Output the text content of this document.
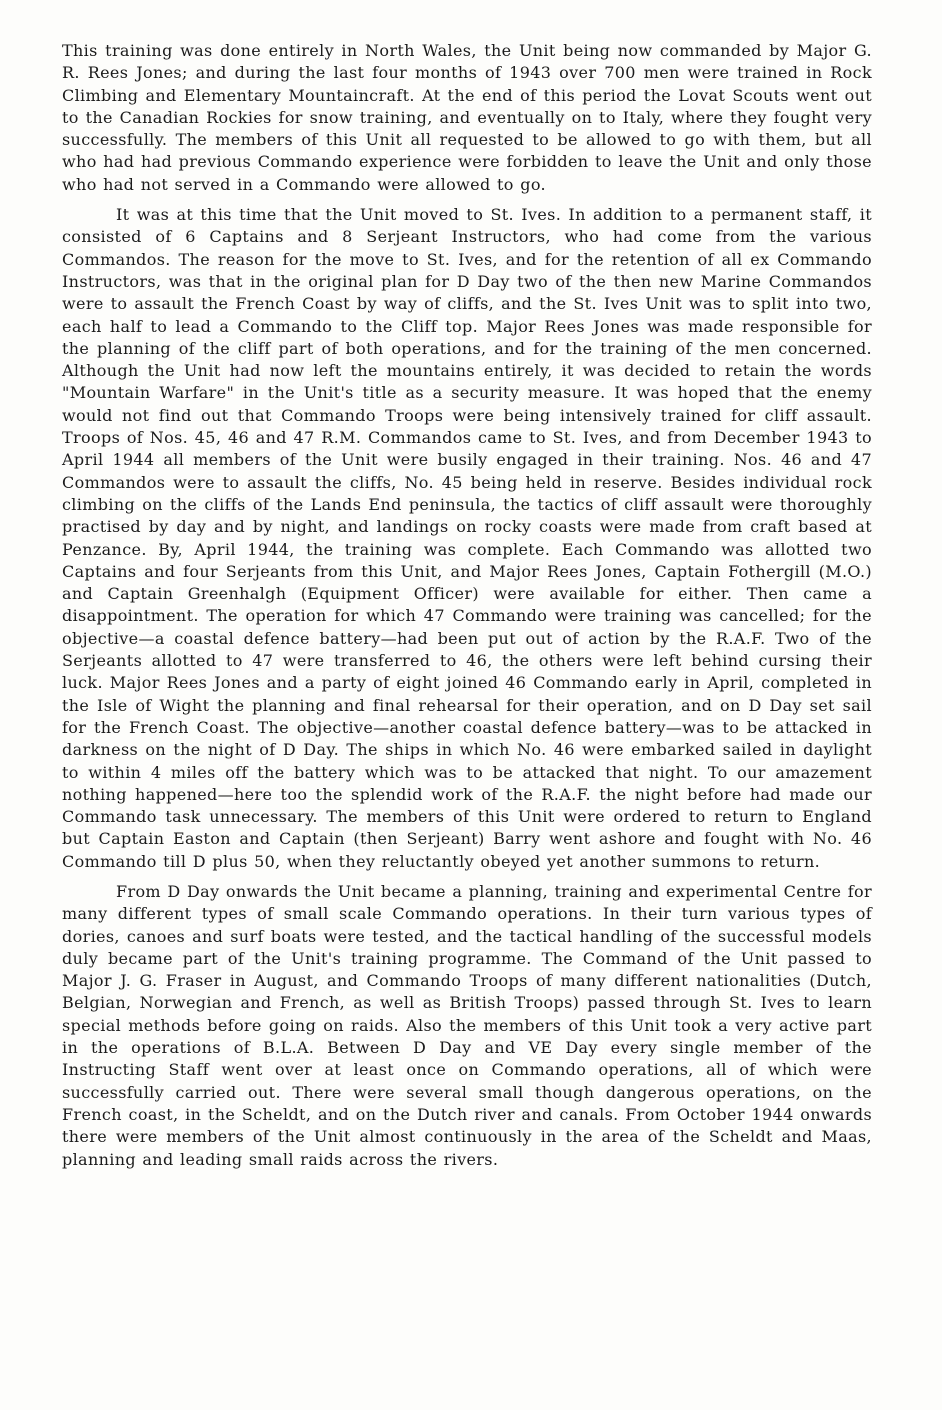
This training was done entirely in North Wales, the Unit being now commanded by Major G. R. Rees Jones; and during the last four months of 1943 over 700 men were trained in Rock Climbing and Elementary Mountaincraft. At the end of this period the Lovat Scouts went out to the Canadian Rockies for snow training, and eventually on to Italy, where they fought very successfully. The members of this Unit all requested to be allowed to go with them, but all who had had previous Commando experience were forbidden to leave the Unit and only those who had not served in a Commando were allowed to go.

It was at this time that the Unit moved to St. Ives. In addition to a permanent staff, it consisted of 6 Captains and 8 Serjeant Instructors, who had come from the various Commandos. The reason for the move to St. Ives, and for the retention of all ex Commando Instructors, was that in the original plan for D Day two of the then new Marine Commandos were to assault the French Coast by way of cliffs, and the St. Ives Unit was to split into two, each half to lead a Commando to the Cliff top. Major Rees Jones was made responsible for the planning of the cliff part of both operations, and for the training of the men concerned. Although the Unit had now left the mountains entirely, it was decided to retain the words "Mountain Warfare" in the Unit's title as a security measure. It was hoped that the enemy would not find out that Commando Troops were being intensively trained for cliff assault. Troops of Nos. 45, 46 and 47 R.M. Commandos came to St. Ives, and from December 1943 to April 1944 all members of the Unit were busily engaged in their training. Nos. 46 and 47 Commandos were to assault the cliffs, No. 45 being held in reserve. Besides individual rock climbing on the cliffs of the Lands End peninsula, the tactics of cliff assault were thoroughly practised by day and by night, and landings on rocky coasts were made from craft based at Penzance. By, April 1944, the training was complete. Each Commando was allotted two Captains and four Serjeants from this Unit, and Major Rees Jones, Captain Fothergill (M.O.) and Captain Greenhalgh (Equipment Officer) were available for either. Then came a disappointment. The operation for which 47 Commando were training was cancelled; for the objective—a coastal defence battery—had been put out of action by the R.A.F. Two of the Serjeants allotted to 47 were transferred to 46, the others were left behind cursing their luck. Major Rees Jones and a party of eight joined 46 Commando early in April, completed in the Isle of Wight the planning and final rehearsal for their operation, and on D Day set sail for the French Coast. The objective—another coastal defence battery—was to be attacked in darkness on the night of D Day. The ships in which No. 46 were embarked sailed in daylight to within 4 miles off the battery which was to be attacked that night. To our amazement nothing happened—here too the splendid work of the R.A.F. the night before had made our Commando task unnecessary. The members of this Unit were ordered to return to England but Captain Easton and Captain (then Serjeant) Barry went ashore and fought with No. 46 Commando till D plus 50, when they reluctantly obeyed yet another summons to return.

From D Day onwards the Unit became a planning, training and experimental Centre for many different types of small scale Commando operations. In their turn various types of dories, canoes and surf boats were tested, and the tactical handling of the successful models duly became part of the Unit's training programme. The Command of the Unit passed to Major J. G. Fraser in August, and Commando Troops of many different nationalities (Dutch, Belgian, Norwegian and French, as well as British Troops) passed through St. Ives to learn special methods before going on raids. Also the members of this Unit took a very active part in the operations of B.L.A. Between D Day and VE Day every single member of the Instructing Staff went over at least once on Commando operations, all of which were successfully carried out. There were several small though dangerous operations, on the French coast, in the Scheldt, and on the Dutch river and canals. From October 1944 onwards there were members of the Unit almost continuously in the area of the Scheldt and Maas, planning and leading small raids across the rivers.
